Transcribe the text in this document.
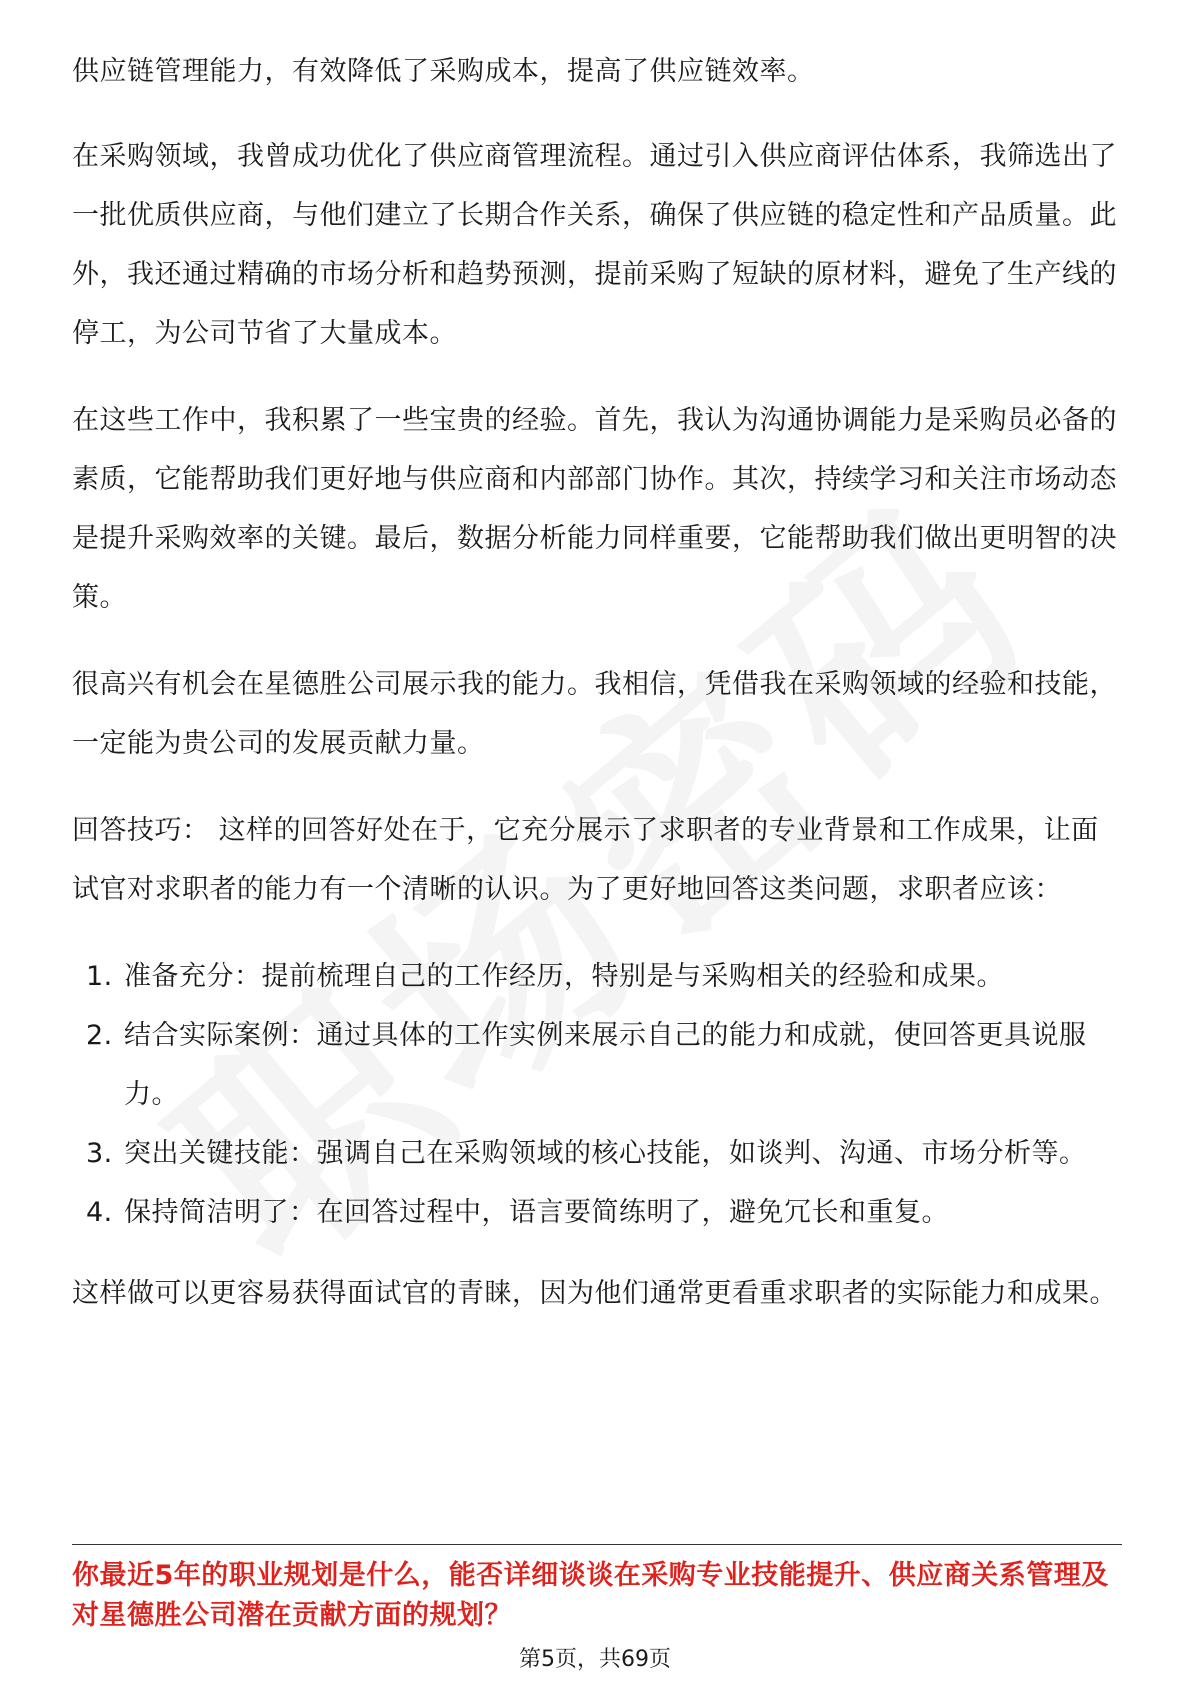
供应链管理能力，有效降低了采购成本，提高了供应链效率。

在采购领域，我曾成功优化了供应商管理流程。通过引入供应商评估体系，我筛选出了一批优质供应商，与他们建立了长期合作关系，确保了供应链的稳定性和产品质量。此外，我还通过精确的市场分析和趋势预测，提前采购了短缺的原材料，避免了生产线的停工，为公司节省了大量成本。

在这些工作中，我积累了一些宝贵的经验。首先，我认为沟通协调能力是采购员必备的素质，它能帮助我们更好地与供应商和内部部门协作。其次，持续学习和关注市场动态是提升采购效率的关键。最后，数据分析能力同样重要，它能帮助我们做出更明智的决策。

很高兴有机会在星德胜公司展示我的能力。我相信，凭借我在采购领域的经验和技能，一定能为贵公司的发展贡献力量。

回答技巧： 这样的回答好处在于，它充分展示了求职者的专业背景和工作成果，让面试官对求职者的能力有一个清晰的认识。为了更好地回答这类问题，求职者应该：

1. 准备充分：提前梳理自己的工作经历，特别是与采购相关的经验和成果。
2. 结合实际案例：通过具体的工作实例来展示自己的能力和成就，使回答更具说服力。
3. 突出关键技能：强调自己在采购领域的核心技能，如谈判、沟通、市场分析等。
4. 保持简洁明了：在回答过程中，语言要简练明了，避免冗长和重复。

这样做可以更容易获得面试官的青睐，因为他们通常更看重求职者的实际能力和成果。

你最近5年的职业规划是什么，能否详细谈谈在采购专业技能提升、供应商关系管理及对星德胜公司潜在贡献方面的规划？
第5页，共69页
